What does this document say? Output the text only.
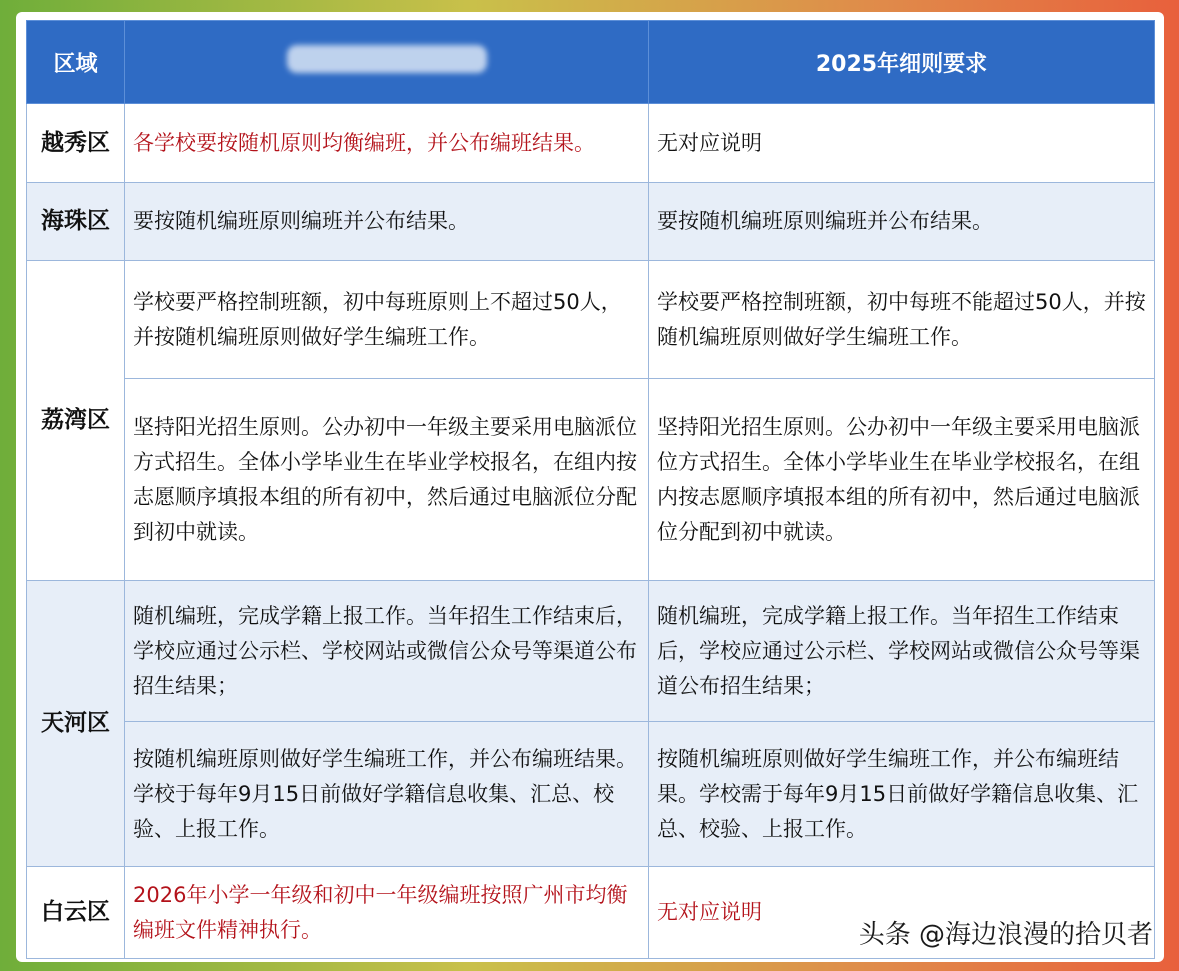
区域		2025年细则要求
越秀区	各学校要按随机原则均衡编班，并公布编班结果。	无对应说明
海珠区	要按随机编班原则编班并公布结果。	要按随机编班原则编班并公布结果。
荔湾区	学校要严格控制班额，初中每班原则上不超过50人，并按随机编班原则做好学生编班工作。	学校要严格控制班额，初中每班不能超过50人，并按随机编班原则做好学生编班工作。
	坚持阳光招生原则。公办初中一年级主要采用电脑派位方式招生。全体小学毕业生在毕业学校报名，在组内按志愿顺序填报本组的所有初中，然后通过电脑派位分配到初中就读。	坚持阳光招生原则。公办初中一年级主要采用电脑派位方式招生。全体小学毕业生在毕业学校报名，在组内按志愿顺序填报本组的所有初中，然后通过电脑派位分配到初中就读。
天河区	随机编班，完成学籍上报工作。当年招生工作结束后，学校应通过公示栏、学校网站或微信公众号等渠道公布招生结果；	随机编班，完成学籍上报工作。当年招生工作结束后，学校应通过公示栏、学校网站或微信公众号等渠道公布招生结果；
	按随机编班原则做好学生编班工作，并公布编班结果。学校于每年9月15日前做好学籍信息收集、汇总、校验、上报工作。	按随机编班原则做好学生编班工作，并公布编班结果。学校需于每年9月15日前做好学籍信息收集、汇总、校验、上报工作。
白云区	2026年小学一年级和初中一年级编班按照广州市均衡编班文件精神执行。	无对应说明
头条 @海边浪漫的拾贝者
